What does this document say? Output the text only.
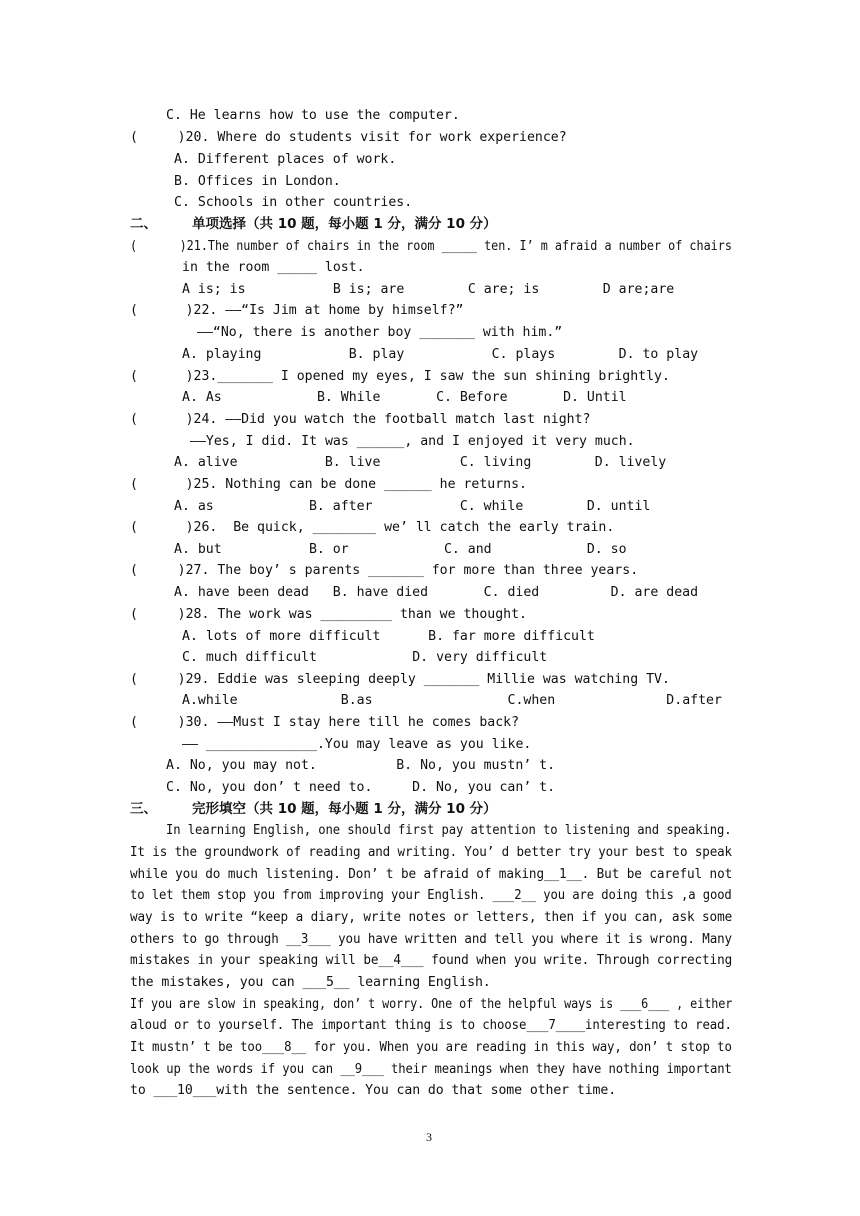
C. He learns how to use the computer.
(     )20. Where do students visit for work experience?
A. Different places of work.
B. Offices in London.
C. Schools in other countries.
二、	单项选择（共 10 题，每小题 1 分，满分 10 分）
(      )21.The number of chairs in the room _____ ten. I’ m afraid a number of chairs
in the room _____ lost.
A is; is           B is; are        C are; is        D are;are
(      )22. ——“Is Jim at home by himself?”
——“No, there is another boy _______ with him.”
A. playing           B. play           C. plays        D. to play
(      )23._______ I opened my eyes, I saw the sun shining brightly.
A. As            B. While       C. Before       D. Until
(      )24. ——Did you watch the football match last night?
——Yes, I did. It was ______, and I enjoyed it very much.
A. alive           B. live          C. living        D. lively
(      )25. Nothing can be done ______ he returns.
A. as            B. after           C. while        D. until
(      )26.  Be quick, ________ we’ ll catch the early train.
A. but           B. or            C. and            D. so
(     )27. The boy’ s parents _______ for more than three years.
A. have been dead   B. have died       C. died         D. are dead
(     )28. The work was _________ than we thought.
A. lots of more difficult      B. far more difficult
C. much difficult            D. very difficult
(     )29. Eddie was sleeping deeply _______ Millie was watching TV.
A.while             B.as                 C.when              D.after
(     )30. ——Must I stay here till he comes back?
—— ______________.You may leave as you like.
A. No, you may not.          B. No, you mustn’ t.
C. No, you don’ t need to.     D. No, you can’ t.
三、	完形填空（共 10 题，每小题 1 分，满分 10 分）
In learning English, one should first pay attention to listening and speaking.
It is the groundwork of reading and writing. You’ d better try your best to speak
while you do much listening. Don’ t be afraid of making__1__. But be careful not
to let them stop you from improving your English. ___2__ you are doing this ,a good
way is to write “keep a diary, write notes or letters, then if you can, ask some
others to go through __3___ you have written and tell you where it is wrong. Many
mistakes in your speaking will be__4___ found when you write. Through correcting
the mistakes, you can ___5__ learning English.
If you are slow in speaking, don’ t worry. One of the helpful ways is ___6___ , either
aloud or to yourself. The important thing is to choose___7____interesting to read.
It mustn’ t be too___8__ for you. When you are reading in this way, don’ t stop to
look up the words if you can __9___ their meanings when they have nothing important
to ___10___with the sentence. You can do that some other time.
3
